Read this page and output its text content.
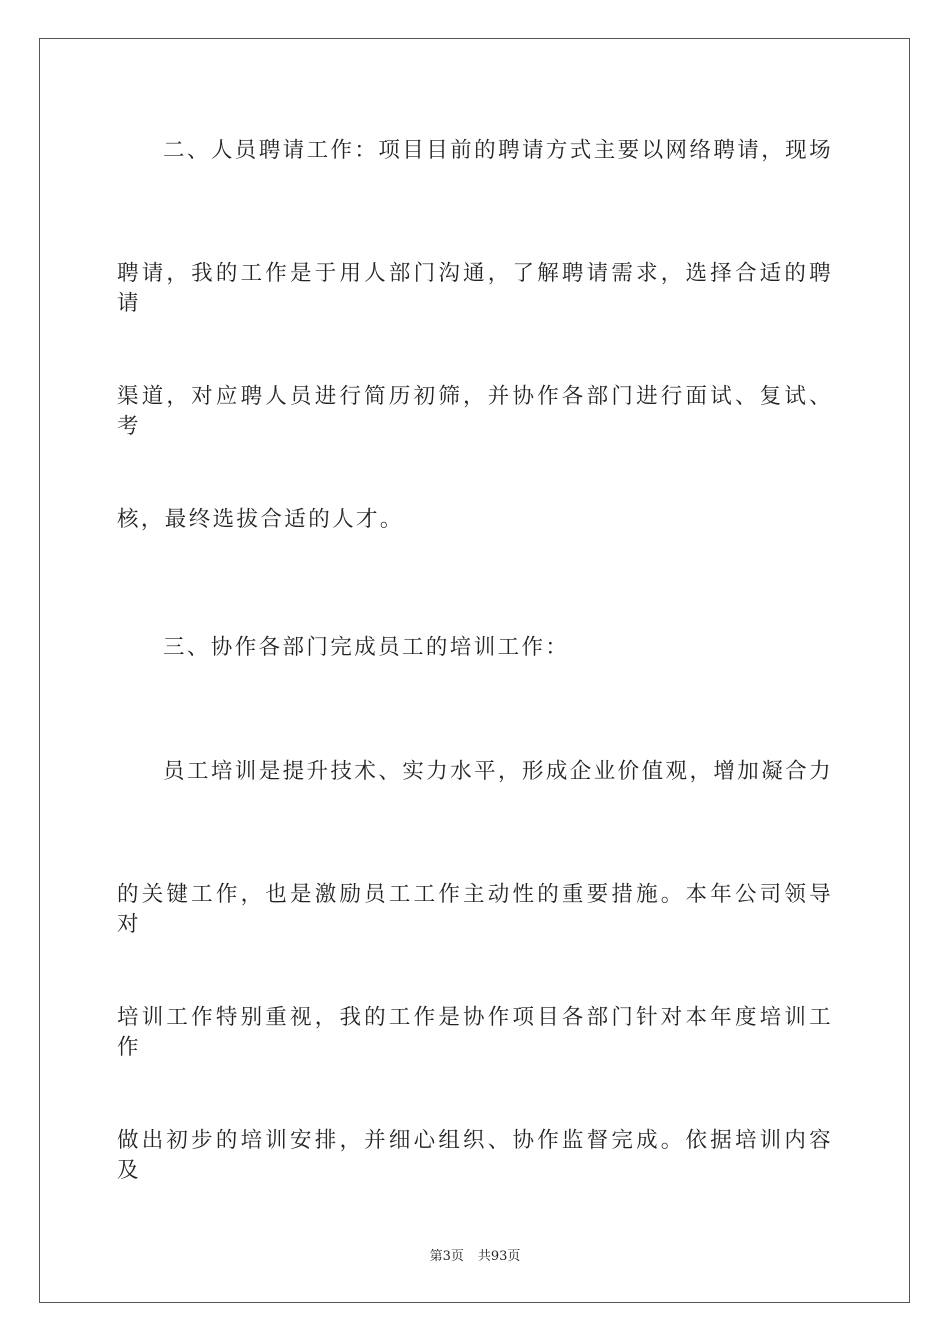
二、人员聘请工作：项目目前的聘请方式主要以网络聘请，现场
聘请，我的工作是于用人部门沟通，了解聘请需求，选择合适的聘请
渠道，对应聘人员进行简历初筛，并协作各部门进行面试、复试、考
核，最终选拔合适的人才。
三、协作各部门完成员工的培训工作：
员工培训是提升技术、实力水平，形成企业价值观，增加凝合力
的关键工作，也是激励员工工作主动性的重要措施。本年公司领导对
培训工作特别重视，我的工作是协作项目各部门针对本年度培训工作
做出初步的培训安排，并细心组织、协作监督完成。依据培训内容及
第3页 共93页
